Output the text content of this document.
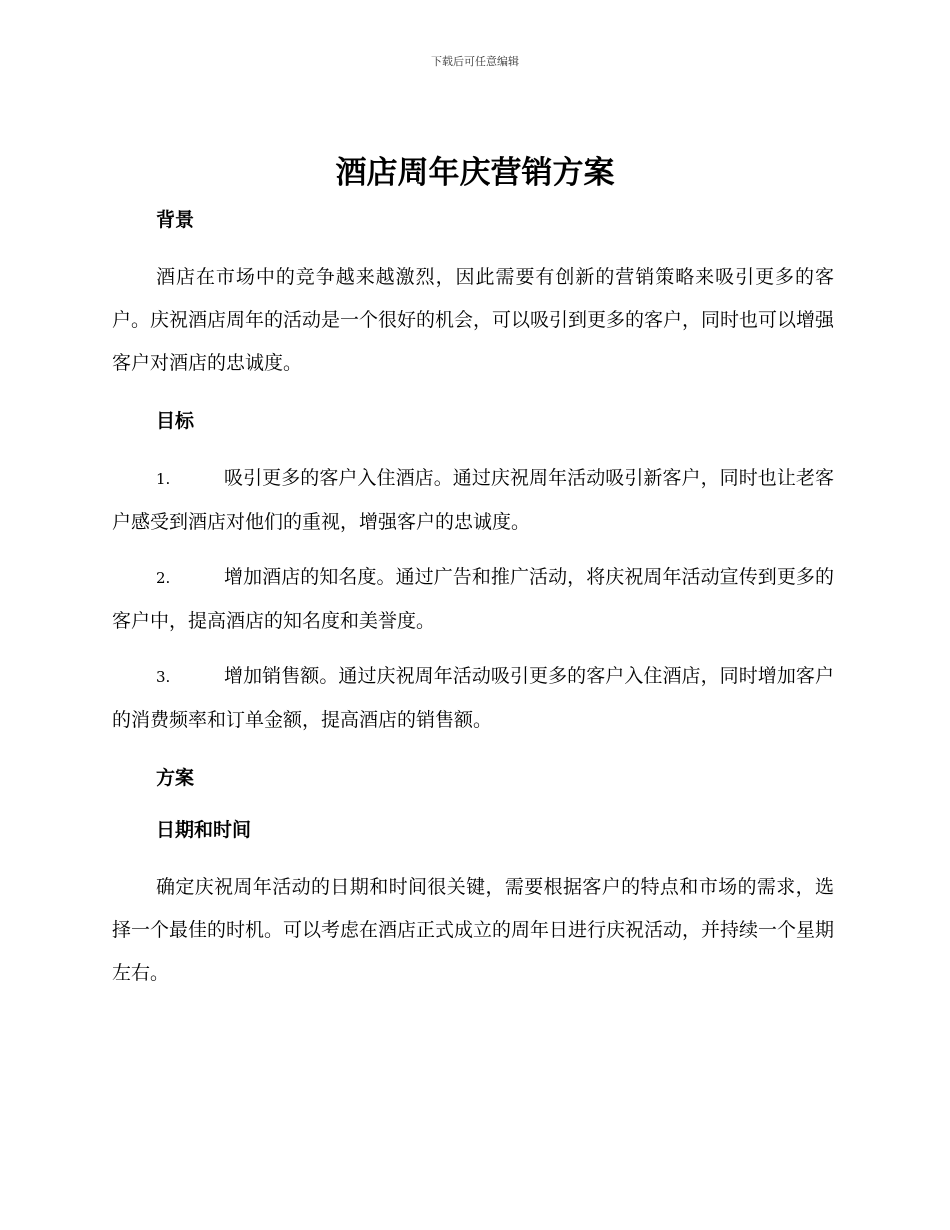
下载后可任意编辑
酒店周年庆营销方案
背景

酒店在市场中的竞争越来越激烈，因此需要有创新的营销策略来吸引更多的客户。庆祝酒店周年的活动是一个很好的机会，可以吸引到更多的客户，同时也可以增强客户对酒店的忠诚度。

目标

1.	吸引更多的客户入住酒店。通过庆祝周年活动吸引新客户，同时也让老客户感受到酒店对他们的重视，增强客户的忠诚度。

2.	增加酒店的知名度。通过广告和推广活动，将庆祝周年活动宣传到更多的客户中，提高酒店的知名度和美誉度。

3.	增加销售额。通过庆祝周年活动吸引更多的客户入住酒店，同时增加客户的消费频率和订单金额，提高酒店的销售额。

方案
日期和时间

确定庆祝周年活动的日期和时间很关键，需要根据客户的特点和市场的需求，选择一个最佳的时机。可以考虑在酒店正式成立的周年日进行庆祝活动，并持续一个星期左右。
